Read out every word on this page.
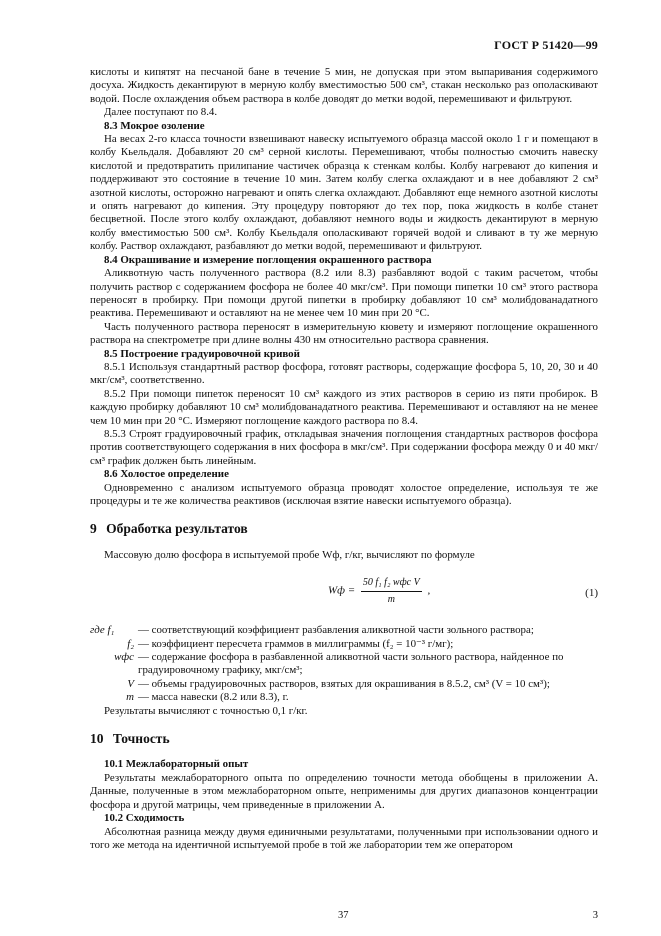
ГОСТ Р 51420—99

кислоты и кипятят на песчаной бане в течение 5 мин, не допуская при этом выпаривания содержимого досуха. Жидкость декантируют в мерную колбу вместимостью 500 см³, стакан несколько раз ополаскивают водой. После охлаждения объем раствора в колбе доводят до метки водой, перемешивают и фильтруют.

Далее поступают по 8.4.

8.3 Мокрое озоление

На весах 2-го класса точности взвешивают навеску испытуемого образца массой около 1 г и помещают в колбу Кьельдаля. Добавляют 20 см³ серной кислоты. Перемешивают, чтобы полностью смочить навеску кислотой и предотвратить прилипание частичек образца к стенкам колбы. Колбу нагревают до кипения и поддерживают это состояние в течение 10 мин. Затем колбу слегка охлаждают и в нее добавляют 2 см³ азотной кислоты, осторожно нагревают и опять слегка охлаждают. Добавляют еще немного азотной кислоты и опять нагревают до кипения. Эту процедуру повторяют до тех пор, пока жидкость в колбе станет бесцветной. После этого колбу охлаждают, добавляют немного воды и жидкость декантируют в мерную колбу вместимостью 500 см³. Колбу Кьельдаля ополаскивают горячей водой и сливают в ту же мерную колбу. Раствор охлаждают, разбавляют до метки водой, перемешивают и фильтруют.

8.4 Окрашивание и измерение поглощения окрашенного раствора

Аликвотную часть полученного раствора (8.2 или 8.3) разбавляют водой с таким расчетом, чтобы получить раствор с содержанием фосфора не более 40 мкг/см³. При помощи пипетки 10 см³ этого раствора переносят в пробирку. При помощи другой пипетки в пробирку добавляют 10 см³ молибдованадатного реактива. Перемешивают и оставляют на не менее чем 10 мин при 20 °С.

Часть полученного раствора переносят в измерительную кювету и измеряют поглощение окрашенного раствора на спектрометре при длине волны 430 нм относительно раствора сравнения.

8.5 Построение градуировочной кривой

8.5.1 Используя стандартный раствор фосфора, готовят растворы, содержащие фосфора 5, 10, 20, 30 и 40 мкг/см³, соответственно.

8.5.2 При помощи пипеток переносят 10 см³ каждого из этих растворов в серию из пяти пробирок. В каждую пробирку добавляют 10 см³ молибдованадатного реактива. Перемешивают и оставляют на не менее чем 10 мин при 20 °С. Измеряют поглощение каждого раствора по 8.4.

8.5.3 Строят градуировочный график, откладывая значения поглощения стандартных растворов фосфора против соответствующего содержания в них фосфора в мкг/см³. При содержании фосфора между 0 и 40 мкг/см³ график должен быть линейным.

8.6 Холостое определение

Одновременно с анализом испытуемого образца проводят холостое определение, используя те же процедуры и те же количества реактивов (исключая взятие навески испытуемого образца).

9 Обработка результатов

Массовую долю фосфора в испытуемой пробе Wф, г/кг, вычисляют по формуле

Wф = $\frac{\text{50 f₁ f₂ wфс V}}{m}$ ,	(1)
где f₁	— соответствующий коэффициент разбавления аликвотной части зольного раствора;
f₂ — коэффициент пересчета граммов в миллиграммы (f₂ = 10⁻³ г/мг);
wфс — содержание фосфора в разбавленной аликвотной части зольного раствора, найденное по
градуировочному графику, мкг/см³;
V — объемы градуировочных растворов, взятых для окрашивания в 8.5.2, см³ (V = 10 см³);
m — масса навески (8.2 или 8.3), г.

Результаты вычисляют с точностью 0,1 г/кг.

10 Точность

10.1 Межлабораторный опыт

Результаты межлабораторного опыта по определению точности метода обобщены в приложении А. Данные, полученные в этом межлабораторном опыте, неприменимы для других диапазонов концентрации фосфора и другой матрицы, чем приведенные в приложении А.

10.2 Сходимость

Абсолютная разница между двумя единичными результатами, полученными при использовании одного и того же метода на идентичной испытуемой пробе в той же лаборатории тем же оператором

37	3
